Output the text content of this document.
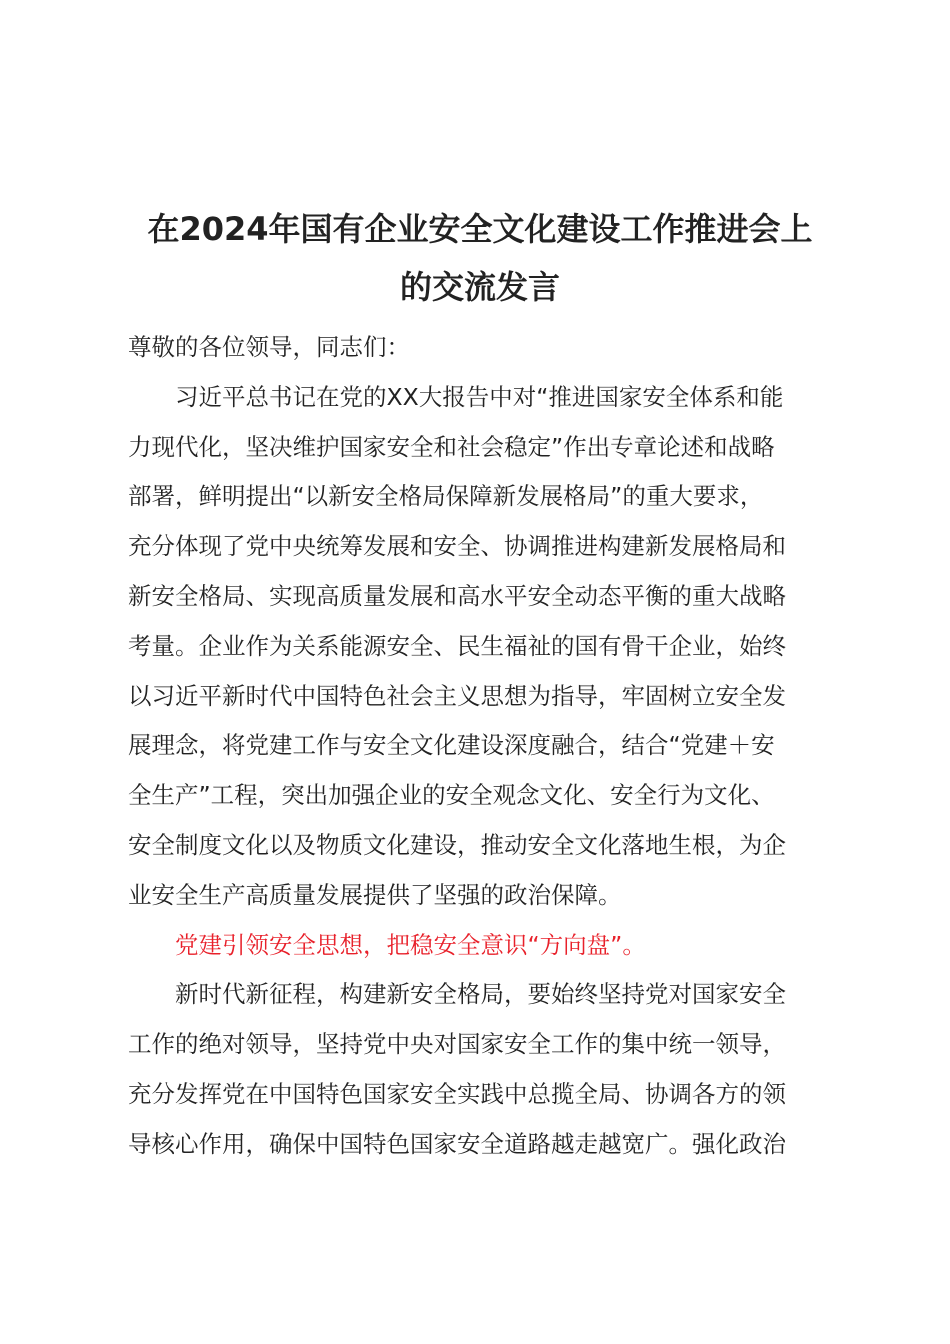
在2024年国有企业安全文化建设工作推进会上
的交流发言

尊敬的各位领导，同志们：

习近平总书记在党的XX大报告中对“推进国家安全体系和能
力现代化，坚决维护国家安全和社会稳定”作出专章论述和战略
部署，鲜明提出“以新安全格局保障新发展格局”的重大要求，
充分体现了党中央统筹发展和安全、协调推进构建新发展格局和
新安全格局、实现高质量发展和高水平安全动态平衡的重大战略
考量。企业作为关系能源安全、民生福祉的国有骨干企业，始终
以习近平新时代中国特色社会主义思想为指导，牢固树立安全发
展理念，将党建工作与安全文化建设深度融合，结合“党建＋安
全生产”工程，突出加强企业的安全观念文化、安全行为文化、
安全制度文化以及物质文化建设，推动安全文化落地生根，为企
业安全生产高质量发展提供了坚强的政治保障。

党建引领安全思想，把稳安全意识“方向盘”。

新时代新征程，构建新安全格局，要始终坚持党对国家安全
工作的绝对领导，坚持党中央对国家安全工作的集中统一领导，
充分发挥党在中国特色国家安全实践中总揽全局、协调各方的领
导核心作用，确保中国特色国家安全道路越走越宽广。强化政治
